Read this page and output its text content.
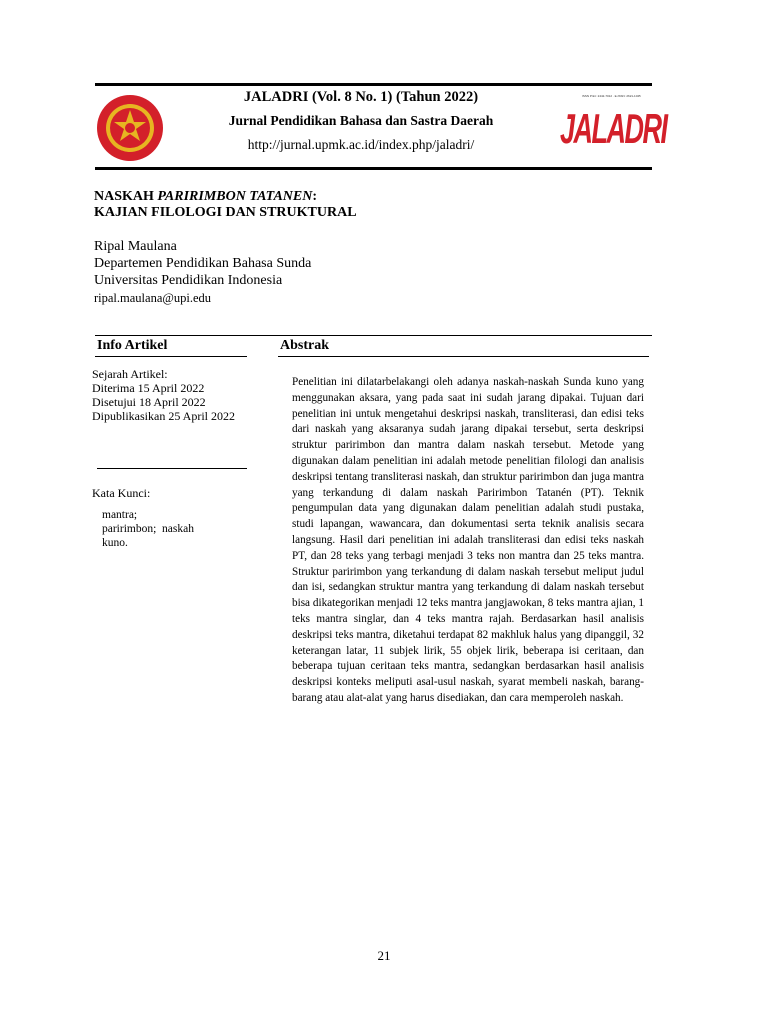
JALADRI (Vol. 8 No. 1) (Tahun 2022)
Jurnal Pendidikan Bahasa dan Sastra Daerah
http://jurnal.upmk.ac.id/index.php/jaladri/
ISSN Print: 2442-7012 · E-ISSN: 2621-1045
JALADRI
NASKAH PARIRIMBON TATANEN:
KAJIAN FILOLOGI DAN STRUKTURAL
Ripal Maulana
Departemen Pendidikan Bahasa Sunda
Universitas Pendidikan Indonesia
ripal.maulana@upi.edu
Info Artikel
Sejarah Artikel:
Diterima 15 April 2022
Disetujui 18 April 2022
Dipublikasikan 25 April 2022
Kata Kunci:
mantra;
paririmbon;  naskah
kuno.
Abstrak
Penelitian ini dilatarbelakangi oleh adanya naskah-naskah Sunda kuno yang menggunakan aksara, yang pada saat ini sudah jarang dipakai. Tujuan dari penelitian ini untuk mengetahui deskripsi naskah, transliterasi, dan edisi teks dari naskah yang aksaranya sudah jarang dipakai tersebut, serta deskripsi struktur paririmbon dan mantra dalam naskah tersebut. Metode yang digunakan dalam penelitian ini adalah metode penelitian filologi dan analisis deskripsi tentang transliterasi naskah, dan struktur paririmbon dan juga mantra yang terkandung di dalam naskah Paririmbon Tatanén (PT). Teknik pengumpulan data yang digunakan dalam penelitian adalah studi pustaka, studi lapangan, wawancara, dan dokumentasi serta teknik analisis secara langsung. Hasil dari penelitian ini adalah transliterasi dan edisi teks naskah PT, dan 28 teks yang terbagi menjadi 3 teks non mantra dan 25 teks mantra. Struktur paririmbon yang terkandung di dalam naskah tersebut meliput judul dan isi, sedangkan struktur mantra yang terkandung di dalam naskah tersebut bisa dikategorikan menjadi 12 teks mantra jangjawokan, 8 teks mantra ajian, 1 teks mantra singlar, dan 4 teks mantra rajah. Berdasarkan hasil analisis deskripsi teks mantra, diketahui terdapat 82 makhluk halus yang dipanggil, 32 keterangan latar, 11 subjek lirik, 55 objek lirik, beberapa isi ceritaan, dan beberapa tujuan ceritaan teks mantra, sedangkan berdasarkan hasil analisis deskripsi konteks meliputi asal-usul naskah, syarat membeli naskah, barang-barang atau alat-alat yang harus disediakan, dan cara memperoleh naskah.
21
